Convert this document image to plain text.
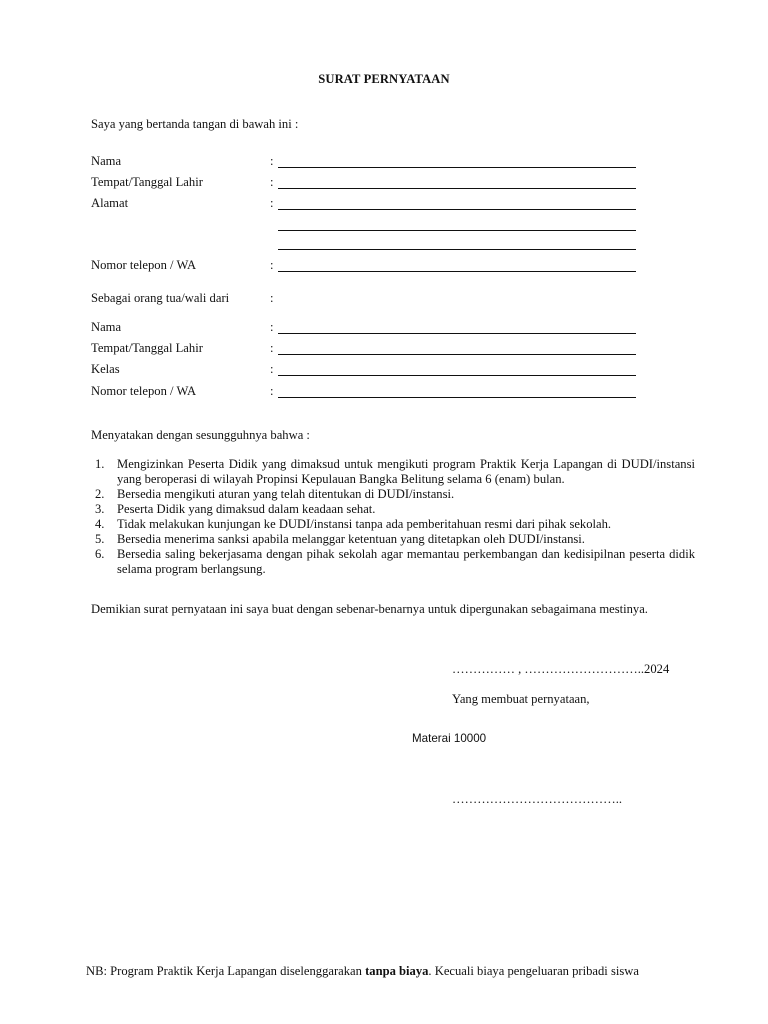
SURAT PERNYATAAN
Saya yang bertanda tangan di bawah ini :
Nama	:
Tempat/Tanggal Lahir	:
Alamat	:
Nomor telepon / WA	:
Sebagai orang tua/wali dari	:
Nama	:
Tempat/Tanggal Lahir	:
Kelas	:
Nomor telepon / WA	:
Menyatakan dengan sesungguhnya bahwa :
1. Mengizinkan Peserta Didik yang dimaksud untuk mengikuti program Praktik Kerja Lapangan di DUDI/instansi yang beroperasi di wilayah Propinsi Kepulauan Bangka Belitung selama 6 (enam) bulan.
2. Bersedia mengikuti aturan yang telah ditentukan di DUDI/instansi.
3. Peserta Didik yang dimaksud dalam keadaan sehat.
4. Tidak melakukan kunjungan ke DUDI/instansi tanpa ada pemberitahuan resmi dari pihak sekolah.
5. Bersedia menerima sanksi apabila melanggar ketentuan yang ditetapkan oleh DUDI/instansi.
6. Bersedia saling bekerjasama dengan pihak sekolah agar memantau perkembangan dan kedisipilnan peserta didik selama program berlangsung.
Demikian surat pernyataan ini saya buat dengan sebenar-benarnya untuk dipergunakan sebagaimana mestinya.
…………… , ………………………..2024
Yang membuat pernyataan,
Materai 10000
…………………………………..
NB: Program Praktik Kerja Lapangan diselenggarakan tanpa biaya. Kecuali biaya pengeluaran pribadi siswa
